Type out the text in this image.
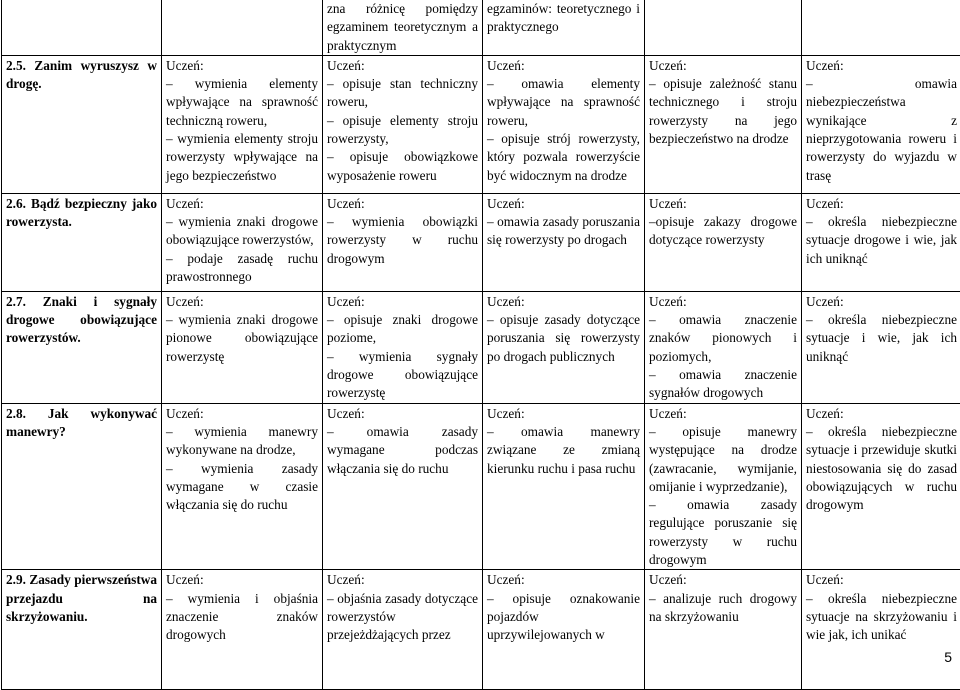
		zna różnicę pomiędzy egzaminem teoretycznym a praktycznym	egzaminów: teoretycznego i praktycznego		

2.5. Zanim wyruszysz w drogę.	Uczeń:
– wymienia elementy wpływające na sprawność techniczną roweru,
– wymienia elementy stroju rowerzysty wpływające na jego bezpieczeństwo	Uczeń:
– opisuje stan techniczny roweru,
– opisuje elementy stroju rowerzysty,
– opisuje obowiązkowe wyposażenie roweru	Uczeń:
– omawia elementy wpływające na sprawność roweru,
– opisuje strój rowerzysty, który pozwala rowerzyście być widocznym na drodze	Uczeń:
– opisuje zależność stanu technicznego i stroju rowerzysty na jego bezpieczeństwo na drodze	Uczeń:
– omawia niebezpieczeństwa wynikające z nieprzygotowania roweru i rowerzysty do wyjazdu w trasę

2.6. Bądź bezpieczny jako rowerzysta.	Uczeń:
– wymienia znaki drogowe obowiązujące rowerzystów,
– podaje zasadę ruchu prawostronnego	Uczeń:
– wymienia obowiązki rowerzysty w ruchu drogowym	Uczeń:
– omawia zasady poruszania się rowerzysty po drogach	Uczeń:
–opisuje zakazy drogowe dotyczące rowerzysty	Uczeń:
– określa niebezpieczne sytuacje drogowe i wie, jak ich uniknąć

2.7. Znaki i sygnały drogowe obowiązujące rowerzystów.	Uczeń:
– wymienia znaki drogowe pionowe obowiązujące rowerzystę	Uczeń:
– opisuje znaki drogowe poziome,
– wymienia sygnały drogowe obowiązujące rowerzystę	Uczeń:
– opisuje zasady dotyczące poruszania się rowerzysty po drogach publicznych	Uczeń:
– omawia znaczenie znaków pionowych i poziomych,
– omawia znaczenie sygnałów drogowych	Uczeń:
– określa niebezpieczne sytuacje i wie, jak ich uniknąć

2.8. Jak wykonywać manewry?	Uczeń:
– wymienia manewry wykonywane na drodze,
– wymienia zasady wymagane w czasie włączania się do ruchu	Uczeń:
– omawia zasady wymagane podczas włączania się do ruchu	Uczeń:
– omawia manewry związane ze zmianą kierunku ruchu i pasa ruchu	Uczeń:
– opisuje manewry występujące na drodze (zawracanie, wymijanie, omijanie i wyprzedzanie),
– omawia zasady regulujące poruszanie się rowerzysty w ruchu drogowym	Uczeń:
– określa niebezpieczne sytuacje i przewiduje skutki niestosowania się do zasad obowiązujących w ruchu drogowym

2.9. Zasady pierwszeństwa przejazdu na skrzyżowaniu.	Uczeń:
– wymienia i objaśnia znaczenie znaków drogowych	Uczeń:
– objaśnia zasady dotyczące rowerzystów przejeżdżających przez	Uczeń:
– opisuje oznakowanie pojazdów uprzywilejowanych w	Uczeń:
– analizuje ruch drogowy na skrzyżowaniu	Uczeń:
– określa niebezpieczne sytuacje na skrzyżowaniu i wie jak, ich unikać
5
